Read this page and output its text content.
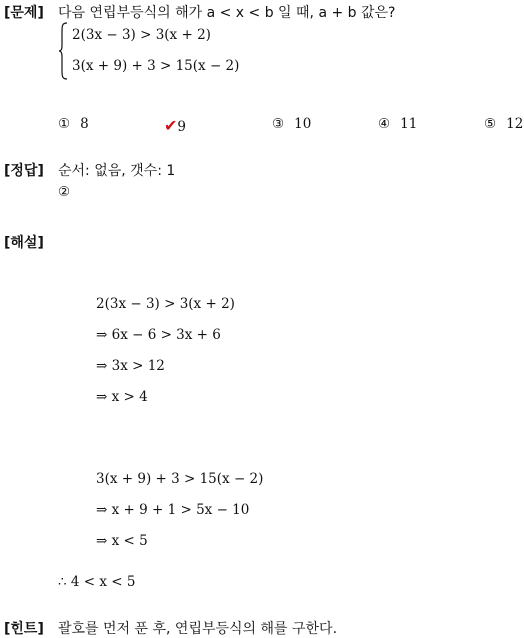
[문제] 다음 연립부등식의 해가 a < x < b 일 때, a + b 값은?
2(3x − 3) > 3(x + 2)
3(x + 9) + 3 > 15(x − 2)
① 8	✔9	③ 10	④ 11	⑤ 12
[정답] 순서: 없음, 갯수: 1
②
[해설]
2(3x − 3) > 3(x + 2)
⇒ 6x − 6 > 3x + 6
⇒ 3x > 12
⇒ x > 4
3(x + 9) + 3 > 15(x − 2)
⇒ x + 9 + 1 > 5x − 10
⇒ x < 5
∴ 4 < x < 5
[힌트] 괄호를 먼저 푼 후, 연립부등식의 해를 구한다.
